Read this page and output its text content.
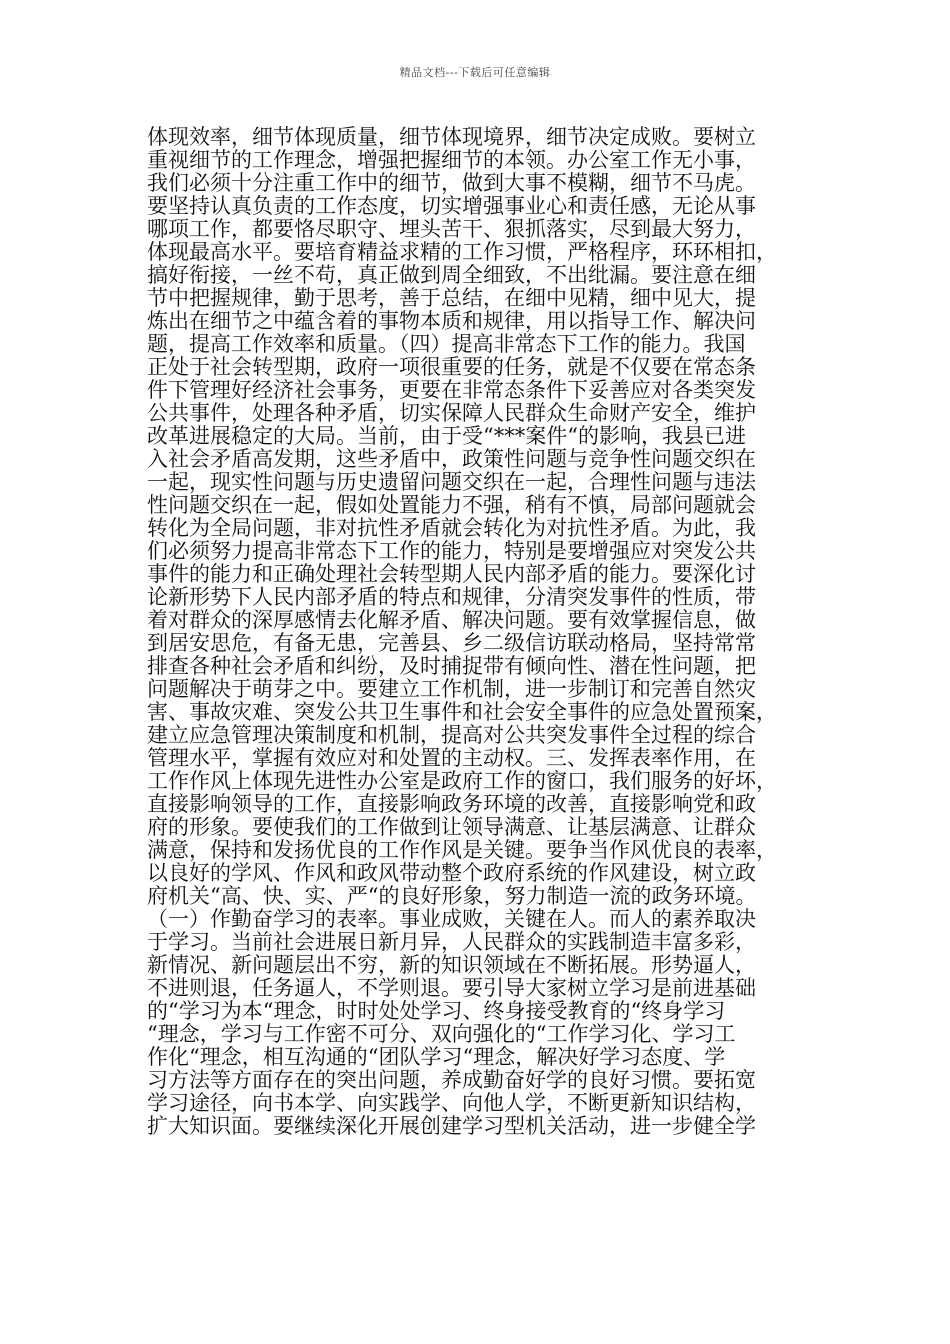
精品文档---下载后可任意编辑
体现效率，细节体现质量，细节体现境界，细节决定成败。要树立
重视细节的工作理念，增强把握细节的本领。办公室工作无小事，
我们必须十分注重工作中的细节，做到大事不模糊，细节不马虎。
要坚持认真负责的工作态度，切实增强事业心和责任感，无论从事
哪项工作，都要恪尽职守、埋头苦干、狠抓落实，尽到最大努力，
体现最高水平。要培育精益求精的工作习惯，严格程序，环环相扣，
搞好衔接，一丝不苟，真正做到周全细致，不出纰漏。要注意在细
节中把握规律，勤于思考，善于总结，在细中见精，细中见大，提
炼出在细节之中蕴含着的事物本质和规律，用以指导工作、解决问
题，提高工作效率和质量。（四）提高非常态下工作的能力。我国
正处于社会转型期，政府一项很重要的任务，就是不仅要在常态条
件下管理好经济社会事务，更要在非常态条件下妥善应对各类突发
公共事件，处理各种矛盾，切实保障人民群众生命财产安全，维护
改革进展稳定的大局。当前，由于受“***案件“的影响，我县已进
入社会矛盾高发期，这些矛盾中，政策性问题与竞争性问题交织在
一起，现实性问题与历史遗留问题交织在一起，合理性问题与违法
性问题交织在一起，假如处置能力不强，稍有不慎，局部问题就会
转化为全局问题，非对抗性矛盾就会转化为对抗性矛盾。为此，我
们必须努力提高非常态下工作的能力，特别是要增强应对突发公共
事件的能力和正确处理社会转型期人民内部矛盾的能力。要深化讨
论新形势下人民内部矛盾的特点和规律，分清突发事件的性质，带
着对群众的深厚感情去化解矛盾、解决问题。要有效掌握信息，做
到居安思危，有备无患，完善县、乡二级信访联动格局，坚持常常
排查各种社会矛盾和纠纷，及时捕捉带有倾向性、潜在性问题，把
问题解决于萌芽之中。要建立工作机制，进一步制订和完善自然灾
害、事故灾难、突发公共卫生事件和社会安全事件的应急处置预案，
建立应急管理决策制度和机制，提高对公共突发事件全过程的综合
管理水平，掌握有效应对和处置的主动权。三、发挥表率作用，在
工作作风上体现先进性办公室是政府工作的窗口，我们服务的好坏，
直接影响领导的工作，直接影响政务环境的改善，直接影响党和政
府的形象。要使我们的工作做到让领导满意、让基层满意、让群众
满意，保持和发扬优良的工作作风是关键。要争当作风优良的表率，
以良好的学风、作风和政风带动整个政府系统的作风建设，树立政
府机关“高、快、实、严“的良好形象，努力制造一流的政务环境。
（一）作勤奋学习的表率。事业成败，关键在人。而人的素养取决
于学习。当前社会进展日新月异，人民群众的实践制造丰富多彩，
新情况、新问题层出不穷，新的知识领域在不断拓展。形势逼人，
不进则退，任务逼人，不学则退。要引导大家树立学习是前进基础
的“学习为本“理念，时时处处学习、终身接受教育的“终身学习
“理念，学习与工作密不可分、双向强化的“工作学习化、学习工
作化“理念，相互沟通的“团队学习“理念，解决好学习态度、学
习方法等方面存在的突出问题，养成勤奋好学的良好习惯。要拓宽
学习途径，向书本学、向实践学、向他人学，不断更新知识结构，
扩大知识面。要继续深化开展创建学习型机关活动，进一步健全学
